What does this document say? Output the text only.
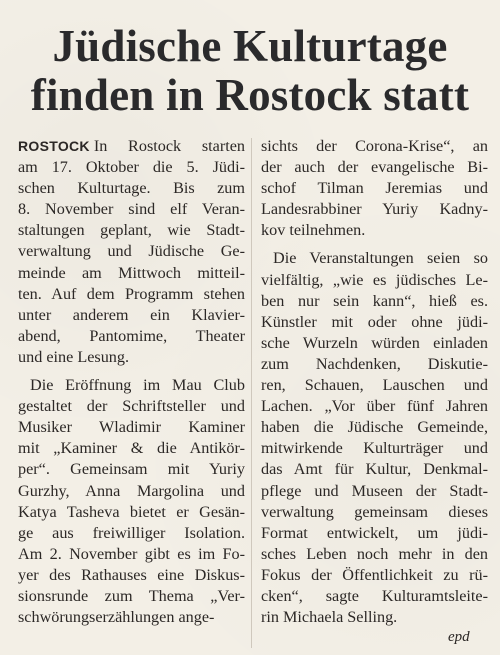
Jüdische Kulturtage
finden in Rostock statt
ROSTOCK In Rostock starten
am 17. Oktober die 5. Jüdi-
schen Kulturtage. Bis zum
8. November sind elf Veran-
staltungen geplant, wie Stadt-
verwaltung und Jüdische Ge-
meinde am Mittwoch mitteil-
ten. Auf dem Programm stehen
unter anderem ein Klavier-
abend, Pantomime, Theater
und eine Lesung.
Die Eröffnung im Mau Club
gestaltet der Schriftsteller und
Musiker Wladimir Kaminer
mit „Kaminer & die Antikör-
per“. Gemeinsam mit Yuriy
Gurzhy, Anna Margolina und
Katya Tasheva bietet er Gesän-
ge aus freiwilliger Isolation.
Am 2. November gibt es im Fo-
yer des Rathauses eine Diskus-
sionsrunde zum Thema „Ver-
schwörungserzählungen ange-
sichts der Corona-Krise“, an
der auch der evangelische Bi-
schof Tilman Jeremias und
Landesrabbiner Yuriy Kadny-
kov teilnehmen.
Die Veranstaltungen seien so
vielfältig, „wie es jüdisches Le-
ben nur sein kann“, hieß es.
Künstler mit oder ohne jüdi-
sche Wurzeln würden einladen
zum Nachdenken, Diskutie-
ren, Schauen, Lauschen und
Lachen. „Vor über fünf Jahren
haben die Jüdische Gemeinde,
mitwirkende Kulturträger und
das Amt für Kultur, Denkmal-
pflege und Museen der Stadt-
verwaltung gemeinsam dieses
Format entwickelt, um jüdi-
sches Leben noch mehr in den
Fokus der Öffentlichkeit zu rü-
cken“, sagte Kulturamtsleite-
rin Michaela Selling.
epd
